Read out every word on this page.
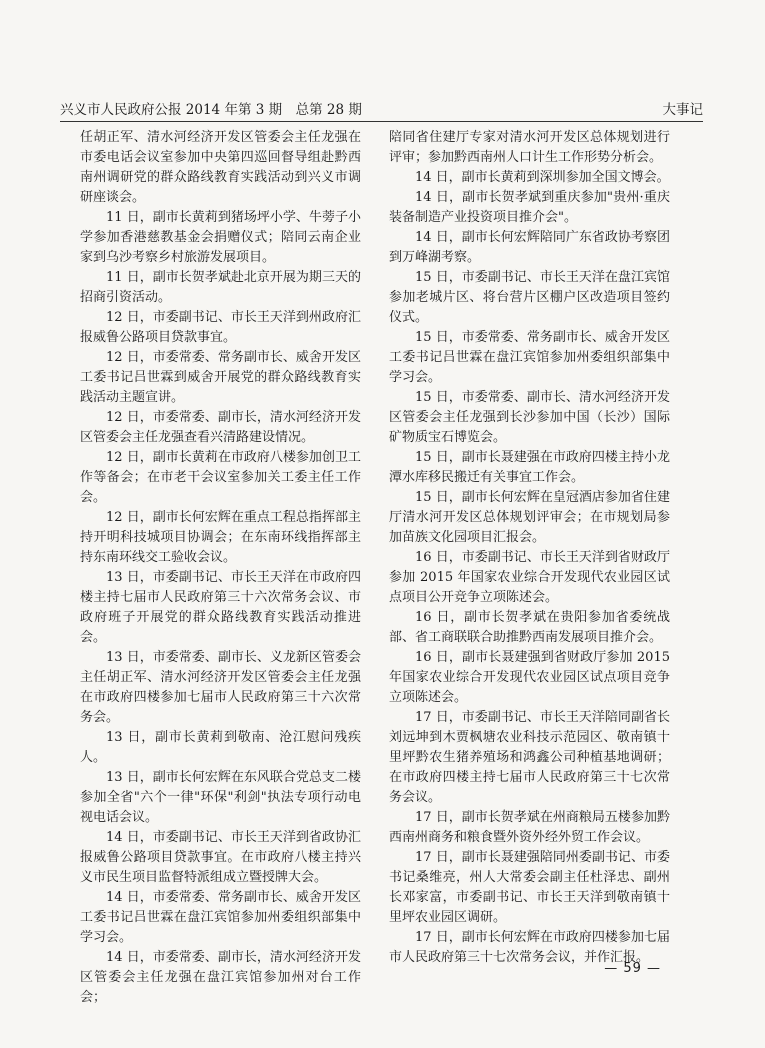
兴义市人民政府公报 2014 年第 3 期　总第 28 期	大事记

任胡正军、清水河经济开发区管委会主任龙强在市委电话会议室参加中央第四巡回督导组赴黔西南州调研党的群众路线教育实践活动到兴义市调研座谈会。

11 日，副市长黄莉到猪场坪小学、牛蒡子小学参加香港慈教基金会捐赠仪式；陪同云南企业家到乌沙考察乡村旅游发展项目。

11 日，副市长贺孝斌赴北京开展为期三天的招商引资活动。

12 日，市委副书记、市长王天洋到州政府汇报威鲁公路项目贷款事宜。

12 日，市委常委、常务副市长、威舍开发区工委书记吕世霖到威舍开展党的群众路线教育实践活动主题宣讲。

12 日，市委常委、副市长，清水河经济开发区管委会主任龙强查看兴清路建设情况。

12 日，副市长黄莉在市政府八楼参加创卫工作等备会；在市老干会议室参加关工委主任工作会。

12 日，副市长何宏辉在重点工程总指挥部主持开明科技城项目协调会；在东南环线指挥部主持东南环线交工验收会议。

13 日，市委副书记、市长王天洋在市政府四楼主持七届市人民政府第三十六次常务会议、市政府班子开展党的群众路线教育实践活动推进会。

13 日，市委常委、副市长、义龙新区管委会主任胡正军、清水河经济开发区管委会主任龙强在市政府四楼参加七届市人民政府第三十六次常务会。

13 日，副市长黄莉到敬南、沧江慰问残疾人。

13 日，副市长何宏辉在东风联合党总支二楼参加全省"六个一律"环保"利剑"执法专项行动电视电话会议。

14 日，市委副书记、市长王天洋到省政协汇报威鲁公路项目贷款事宜。在市政府八楼主持兴义市民生项目监督特派组成立暨授牌大会。

14 日，市委常委、常务副市长、威舍开发区工委书记吕世霖在盘江宾馆参加州委组织部集中学习会。

14 日，市委常委、副市长，清水河经济开发区管委会主任龙强在盘江宾馆参加州对台工作会；

陪同省住建厅专家对清水河开发区总体规划进行评审；参加黔西南州人口计生工作形势分析会。

14 日，副市长黄莉到深圳参加全国文博会。

14 日，副市长贺孝斌到重庆参加"贵州·重庆装备制造产业投资项目推介会"。

14 日，副市长何宏辉陪同广东省政协考察团到万峰湖考察。

15 日，市委副书记、市长王天洋在盘江宾馆参加老城片区、将台营片区棚户区改造项目签约仪式。

15 日，市委常委、常务副市长、威舍开发区工委书记吕世霖在盘江宾馆参加州委组织部集中学习会。

15 日，市委常委、副市长、清水河经济开发区管委会主任龙强到长沙参加中国（长沙）国际矿物质宝石博览会。

15 日，副市长聂建强在市政府四楼主持小龙潭水库移民搬迁有关事宜工作会。

15 日，副市长何宏辉在皇冠酒店参加省住建厅清水河开发区总体规划评审会；在市规划局参加苗族文化园项目汇报会。

16 日，市委副书记、市长王天洋到省财政厅参加 2015 年国家农业综合开发现代农业园区试点项目公开竞争立项陈述会。

16 日，副市长贺孝斌在贵阳参加省委统战部、省工商联联合助推黔西南发展项目推介会。

16 日，副市长聂建强到省财政厅参加 2015 年国家农业综合开发现代农业园区试点项目竞争立项陈述会。

17 日，市委副书记、市长王天洋陪同副省长刘远坤到木贾枫塘农业科技示范园区、敬南镇十里坪黔农生猪养殖场和鸿鑫公司种植基地调研；在市政府四楼主持七届市人民政府第三十七次常务会议。

17 日，副市长贺孝斌在州商粮局五楼参加黔西南州商务和粮食暨外资外经外贸工作会议。

17 日，副市长聂建强陪同州委副书记、市委书记桑维亮，州人大常委会副主任杜泽忠、副州长邓家富，市委副书记、市长王天洋到敬南镇十里坪农业园区调研。

17 日，副市长何宏辉在市政府四楼参加七届市人民政府第三十七次常务会议，并作汇报。

— 59 —
